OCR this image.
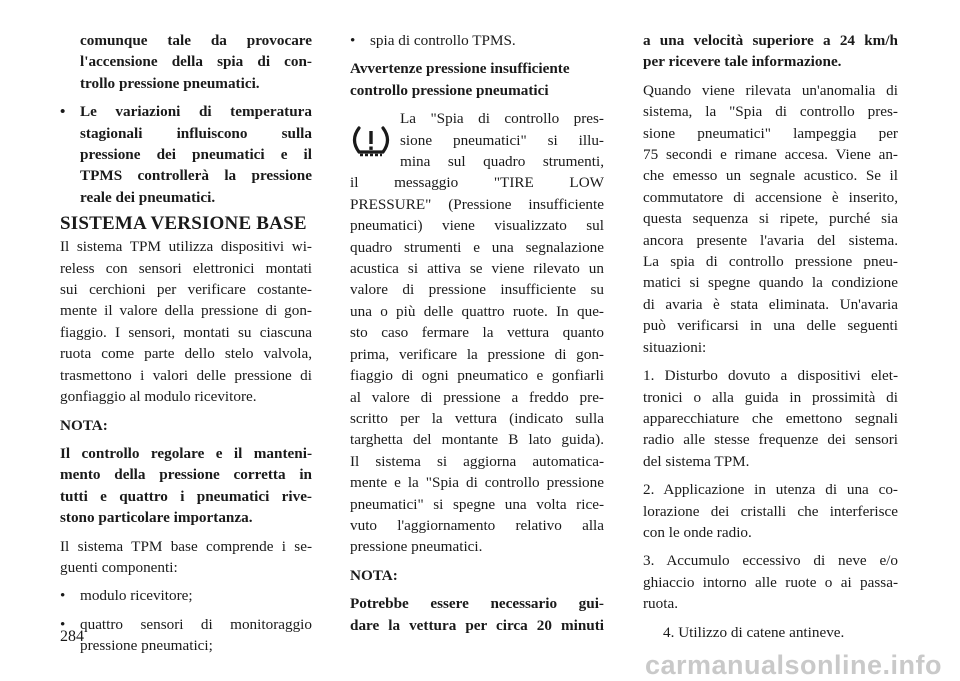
comunque tale da provocare
l'accensione della spia di con-
trollo pressione pneumatici.
• Le variazioni di temperatura
stagionali influiscono sulla
pressione dei pneumatici e il
TPMS controllerà la pressione
reale dei pneumatici.
SISTEMA VERSIONE BASE
Il sistema TPM utilizza dispositivi wi-
reless con sensori elettronici montati
sui cerchioni per verificare costante-
mente il valore della pressione di gon-
fiaggio. I sensori, montati su ciascuna
ruota come parte dello stelo valvola,
trasmettono i valori delle pressione di
gonfiaggio al modulo ricevitore.

NOTA:

Il controllo regolare e il manteni-
mento della pressione corretta in
tutti e quattro i pneumatici rive-
stono particolare importanza.
Il sistema TPM base comprende i se-
guenti componenti:
• modulo ricevitore;
• quattro sensori di monitoraggio
pressione pneumatici;
• spia di controllo TPMS.
Avvertenze pressione insufficiente
controllo pressione pneumatici
La "Spia di controllo pres-
sione pneumatici" si illu-
mina sul quadro strumenti,
il messaggio "TIRE LOW
PRESSURE" (Pressione insufficiente
pneumatici) viene visualizzato sul
quadro strumenti e una segnalazione
acustica si attiva se viene rilevato un
valore di pressione insufficiente su
una o più delle quattro ruote. In que-
sto caso fermare la vettura quanto
prima, verificare la pressione di gon-
fiaggio di ogni pneumatico e gonfiarli
al valore di pressione a freddo pre-
scritto per la vettura (indicato sulla
targhetta del montante B lato guida).
Il sistema si aggiorna automatica-
mente e la "Spia di controllo pressione
pneumatici" si spegne una volta rice-
vuto l'aggiornamento relativo alla
pressione pneumatici.

NOTA:

Potrebbe essere necessario gui-
dare la vettura per circa 20 minuti
a una velocità superiore a 24 km/h
per ricevere tale informazione.
Quando viene rilevata un'anomalia di
sistema, la "Spia di controllo pres-
sione pneumatici" lampeggia per
75 secondi e rimane accesa. Viene an-
che emesso un segnale acustico. Se il
commutatore di accensione è inserito,
questa sequenza si ripete, purché sia
ancora presente l'avaria del sistema.
La spia di controllo pressione pneu-
matici si spegne quando la condizione
di avaria è stata eliminata. Un'avaria
può verificarsi in una delle seguenti
situazioni:
1. Disturbo dovuto a dispositivi elet-
tronici o alla guida in prossimità di
apparecchiature che emettono segnali
radio alle stesse frequenze dei sensori
del sistema TPM.
2. Applicazione in utenza di una co-
lorazione dei cristalli che interferisce
con le onde radio.
3. Accumulo eccessivo di neve e/o
ghiaccio intorno alle ruote o ai passa-
ruota.
4. Utilizzo di catene antineve.
284
carmanualsonline.info
